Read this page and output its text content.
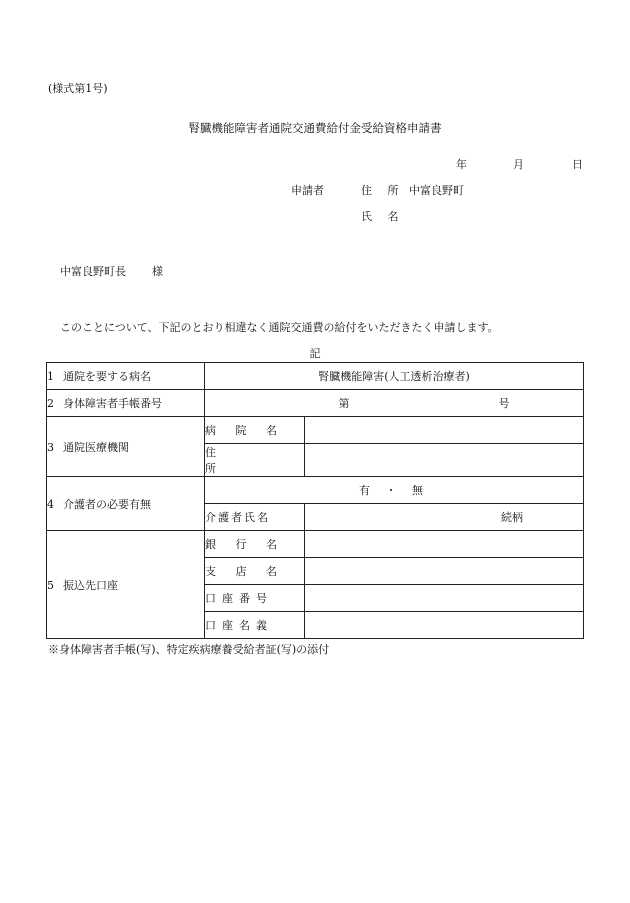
(様式第1号)
腎臓機能障害者通院交通費給付金受給資格申請書
年	月	日
申請者	住 所 中富良野町
氏 名
中富良野町長 様
このことについて、下記のとおり相違なく通院交通費の給付をいただきたく申請します。
記
1 通院を要する病名	腎臓機能障害(人工透析治療者)	
2 身体障害者手帳番号	第 号	
3 通院医療機関	病 院 名	
	住 所	
4 介護者の必要有無	有 ・ 無	
	介護者氏名	続柄
5 振込先口座	銀 行 名	
	支 店 名	
	口座番号	
	口座名義	
※身体障害者手帳(写)、特定疾病療養受給者証(写)の添付
